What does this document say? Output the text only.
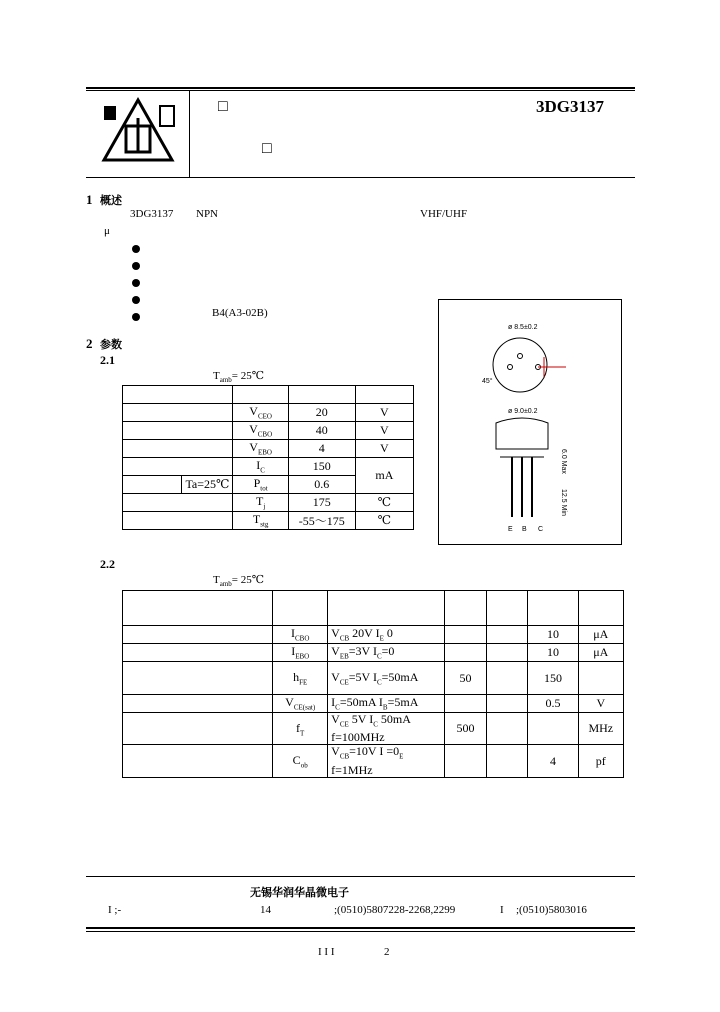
□
□
3DG3137
1 概述
3DG3137 NPN	VHF/UHF
μ
B4(A3-02B)
ø 8.5±0.2
45°
ø 9.0±0.2
6.0 Max
12.5 Min
E B C
2 参数
2.1
$T_{amb}=$ 25℃

		$V_{CEO}$	20	V
		$V_{CBO}$	40	V
		$V_{EBO}$	4	V
		$I_C$	150	mA
	Ta=25℃	$P_{tot}$	0.6	
		$T_j$	175	℃
		$T_{stg}$	-55～175	℃
2.2
$T_{amb}=$ 25℃

	$I_{CBO}$	$V_{CB}$ 20V $I_E$ 0			10	μA
	$I_{EBO}$	$V_{EB}=3V$ $I_C=0$			10	μA
	$h_{FE}$	$V_{CE}=5V$ $I_C=50mA$	50		150	
	$V_{CE(sat)}$	$I_C=50mA$ $I_B=5mA$			0.5	V
	$f_T$	$V_{CE}$ 5V $I_C$ 50mA
f=100MHz	500			MHz
	$C_{ob}$	$V_{CB}=10V$ $I =0_E$
f=1MHz			4	pf
无锡华润华晶微电子
I ;-	14	;(0510)5807228-2268,2299	I ;(0510)5803016
I I I	2
